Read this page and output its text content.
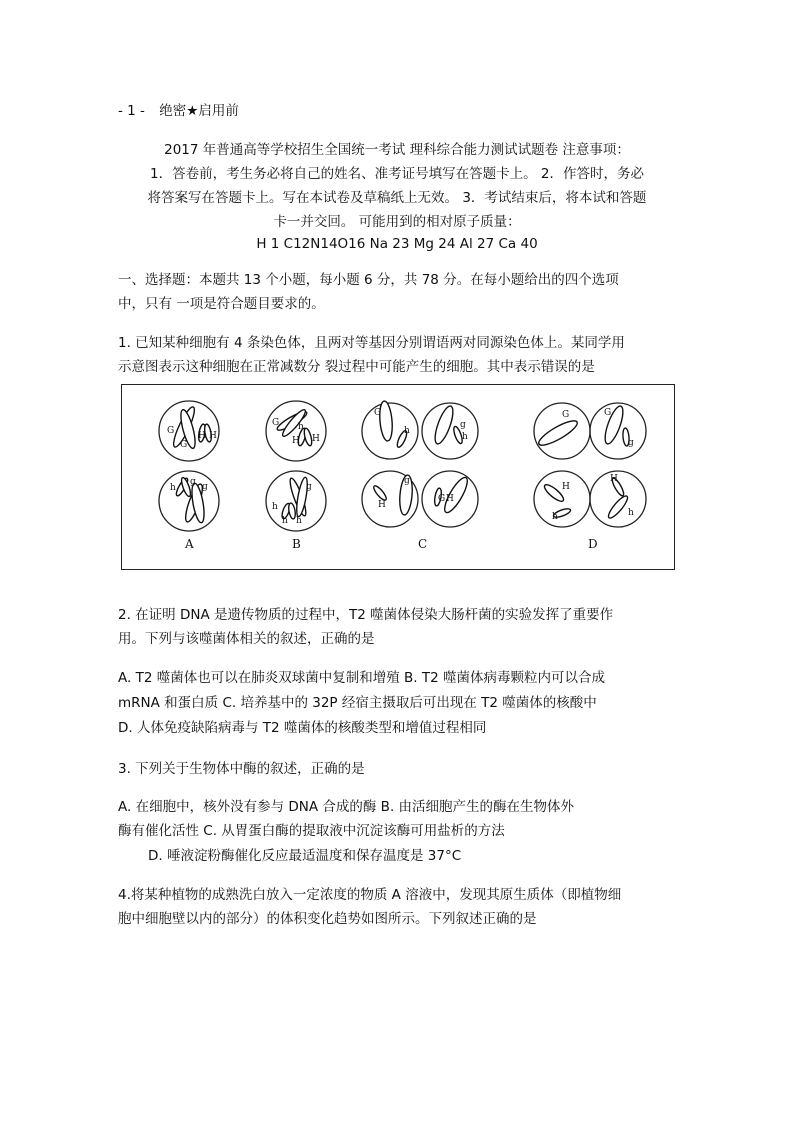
- 1 - 绝密★启用前
2017 年普通高等学校招生全国统一考试 理科综合能力测试试题卷 注意事项：
1．答卷前，考生务必将自己的姓名、准考证号填写在答题卡上。 2．作答时，务必
将答案写在答题卡上。写在本试卷及草稿纸上无效。 3．考试结束后，将本试和答题
卡一并交回。 可能用到的相对原子质量：
H 1 C12N14O16 Na 23 Mg 24 Al 27 Ca 40
一、选择题：本题共 13 个小题，每小题 6 分，共 78 分。在每小题给出的四个选项
中，只有 一项是符合题目要求的。
1. 已知某种细胞有 4 条染色体，且两对等基因分别谓语两对同源染色体上。某同学用
示意图表示这种细胞在正常减数分 裂过程中可能产生的细胞。其中表示错误的是
G
G
H H
h
g g
A
G h
H H
g
h
h h
B
G
h
g
h
g
H
G H
C
G	G
g
H
h
H
h
D
2. 在证明 DNA 是遗传物质的过程中，T2 噬菌体侵染大肠杆菌的实验发挥了重要作
用。下列与该噬菌体相关的叙述，正确的是
A. T2 噬菌体也可以在肺炎双球菌中复制和增殖 B. T2 噬菌体病毒颗粒内可以合成
mRNA 和蛋白质 C. 培养基中的 32P 经宿主摄取后可出现在 T2 噬菌体的核酸中
D. 人体免疫缺陷病毒与 T2 噬菌体的核酸类型和增值过程相同
3. 下列关于生物体中酶的叙述，正确的是
A. 在细胞中，核外没有参与 DNA 合成的酶 B. 由活细胞产生的酶在生物体外
酶有催化活性 C. 从胃蛋白酶的提取液中沉淀该酶可用盐析的方法
D. 唾液淀粉酶催化反应最适温度和保存温度是 37°C
4.将某种植物的成熟洗白放入一定浓度的物质 A 溶液中，发现其原生质体（即植物细
胞中细胞壁以内的部分）的体积变化趋势如图所示。下列叙述正确的是
